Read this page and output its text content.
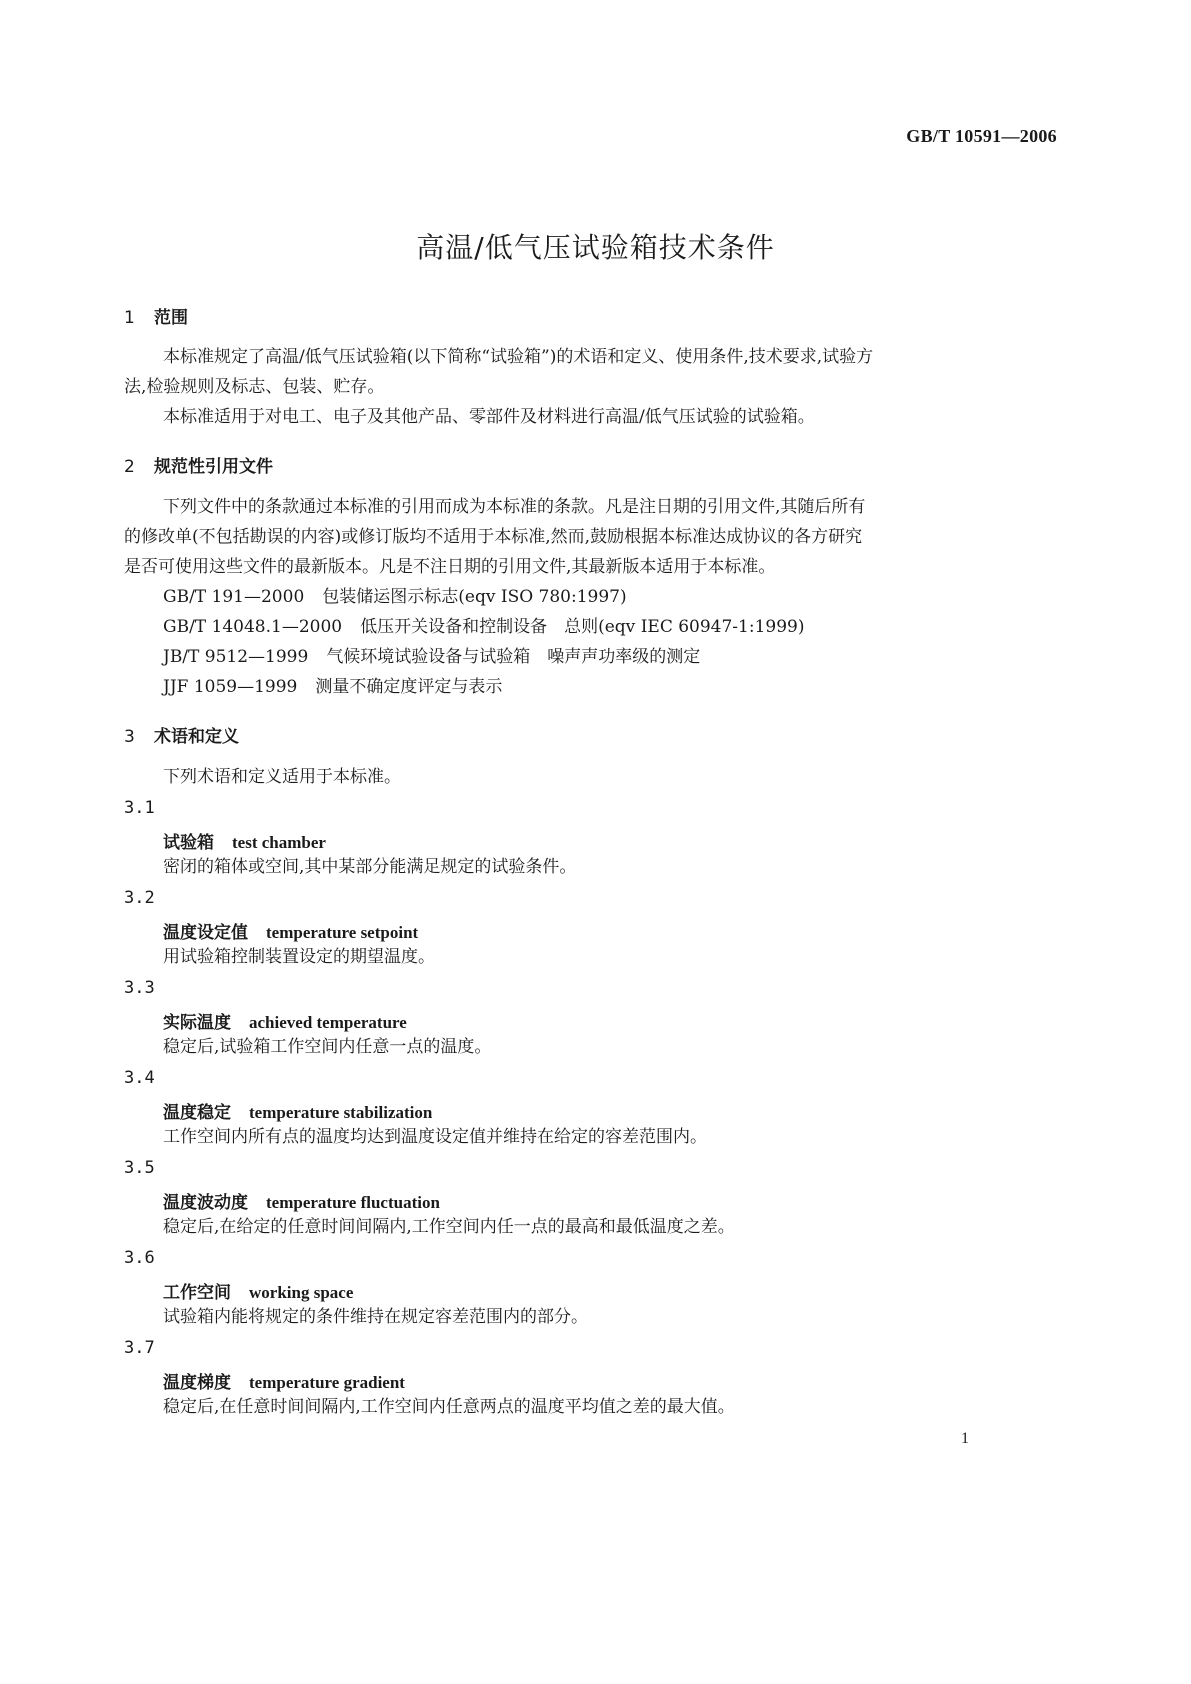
GB/T 10591—2006
高温/低气压试验箱技术条件
1 范围
本标准规定了高温/低气压试验箱(以下简称“试验箱”)的术语和定义、使用条件,技术要求,试验方
法,检验规则及标志、包装、贮存。
本标准适用于对电工、电子及其他产品、零部件及材料进行高温/低气压试验的试验箱。
2 规范性引用文件
下列文件中的条款通过本标准的引用而成为本标准的条款。凡是注日期的引用文件,其随后所有
的修改单(不包括勘误的内容)或修订版均不适用于本标准,然而,鼓励根据本标准达成协议的各方研究
是否可使用这些文件的最新版本。凡是不注日期的引用文件,其最新版本适用于本标准。
GB/T 191—2000 包装储运图示标志(eqv ISO 780:1997)
GB/T 14048.1—2000 低压开关设备和控制设备　总则(eqv IEC 60947-1:1999)
JB/T 9512—1999 气候环境试验设备与试验箱　噪声声功率级的测定
JJF 1059—1999 测量不确定度评定与表示
3 术语和定义
下列术语和定义适用于本标准。
3.1
试验箱 test chamber
密闭的箱体或空间,其中某部分能满足规定的试验条件。
3.2
温度设定值 temperature setpoint
用试验箱控制装置设定的期望温度。
3.3
实际温度 achieved temperature
稳定后,试验箱工作空间内任意一点的温度。
3.4
温度稳定 temperature stabilization
工作空间内所有点的温度均达到温度设定值并维持在给定的容差范围内。
3.5
温度波动度 temperature fluctuation
稳定后,在给定的任意时间间隔内,工作空间内任一点的最高和最低温度之差。
3.6
工作空间 working space
试验箱内能将规定的条件维持在规定容差范围内的部分。
3.7
温度梯度 temperature gradient
稳定后,在任意时间间隔内,工作空间内任意两点的温度平均值之差的最大值。
1
